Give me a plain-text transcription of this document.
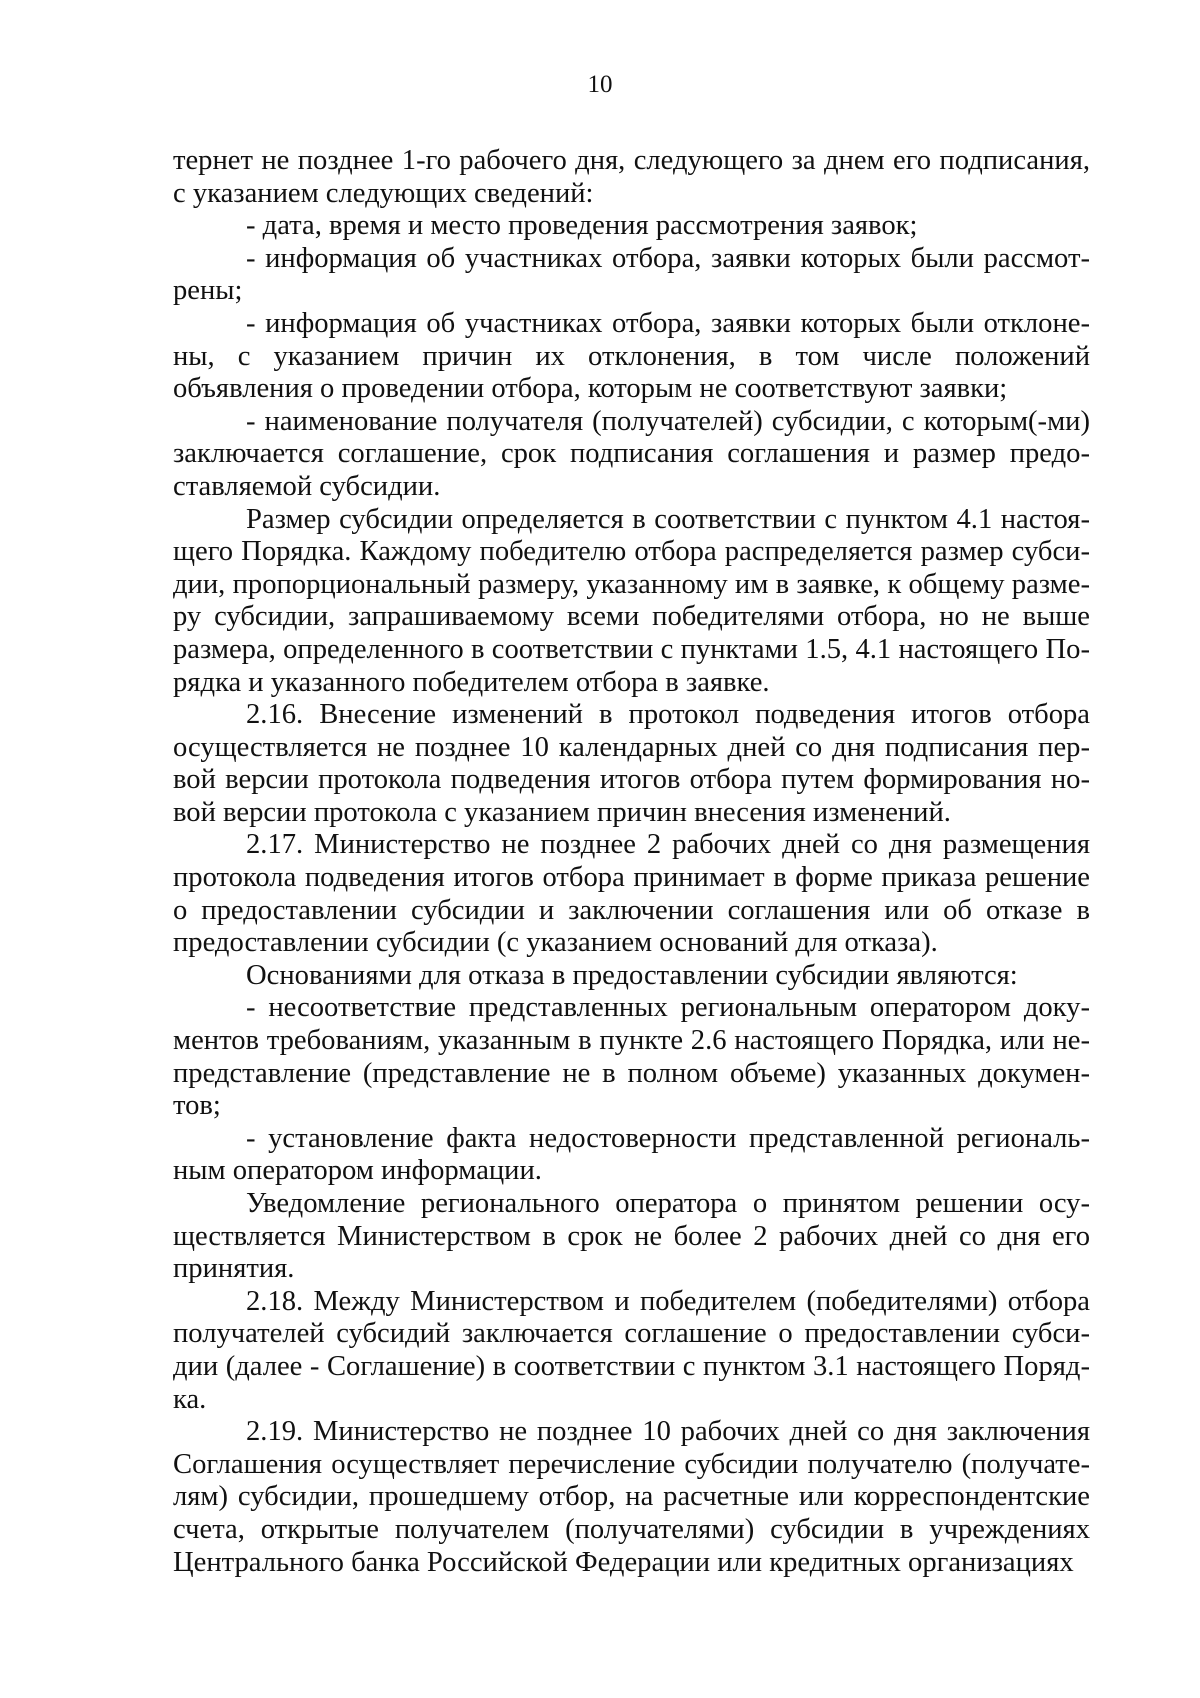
10

тернет не позднее 1-го рабочего дня, следующего за днем его подписания, с указанием следующих сведений:

- дата, время и место проведения рассмотрения заявок;

- информация об участниках отбора, заявки которых были рассмотрены;

- информация об участниках отбора, заявки которых были отклонены, с указанием причин их отклонения, в том числе положений объявления о проведении отбора, которым не соответствуют заявки;

- наименование получателя (получателей) субсидии, с которым(-ми) заключается соглашение, срок подписания соглашения и размер предоставляемой субсидии.

Размер субсидии определяется в соответствии с пунктом 4.1 настоящего Порядка. Каждому победителю отбора распределяется размер субсидии, пропорциональный размеру, указанному им в заявке, к общему размеру субсидии, запрашиваемому всеми победителями отбора, но не выше размера, определенного в соответствии с пунктами 1.5, 4.1 настоящего Порядка и указанного победителем отбора в заявке.

2.16. Внесение изменений в протокол подведения итогов отбора осуществляется не позднее 10 календарных дней со дня подписания первой версии протокола подведения итогов отбора путем формирования новой версии протокола с указанием причин внесения изменений.

2.17. Министерство не позднее 2 рабочих дней со дня размещения протокола подведения итогов отбора принимает в форме приказа решение о предоставлении субсидии и заключении соглашения или об отказе в предоставлении субсидии (с указанием оснований для отказа).

Основаниями для отказа в предоставлении субсидии являются:

- несоответствие представленных региональным оператором документов требованиям, указанным в пункте 2.6 настоящего Порядка, или непредставление (представление не в полном объеме) указанных документов;

- установление факта недостоверности представленной региональным оператором информации.

Уведомление регионального оператора о принятом решении осуществляется Министерством в срок не более 2 рабочих дней со дня его принятия.

2.18. Между Министерством и победителем (победителями) отбора получателей субсидий заключается соглашение о предоставлении субсидии (далее - Соглашение) в соответствии с пунктом 3.1 настоящего Порядка.

2.19. Министерство не позднее 10 рабочих дней со дня заключения Соглашения осуществляет перечисление субсидии получателю (получателям) субсидии, прошедшему отбор, на расчетные или корреспондентские счета, открытые получателем (получателями) субсидии в учреждениях Центрального банка Российской Федерации или кредитных организациях
